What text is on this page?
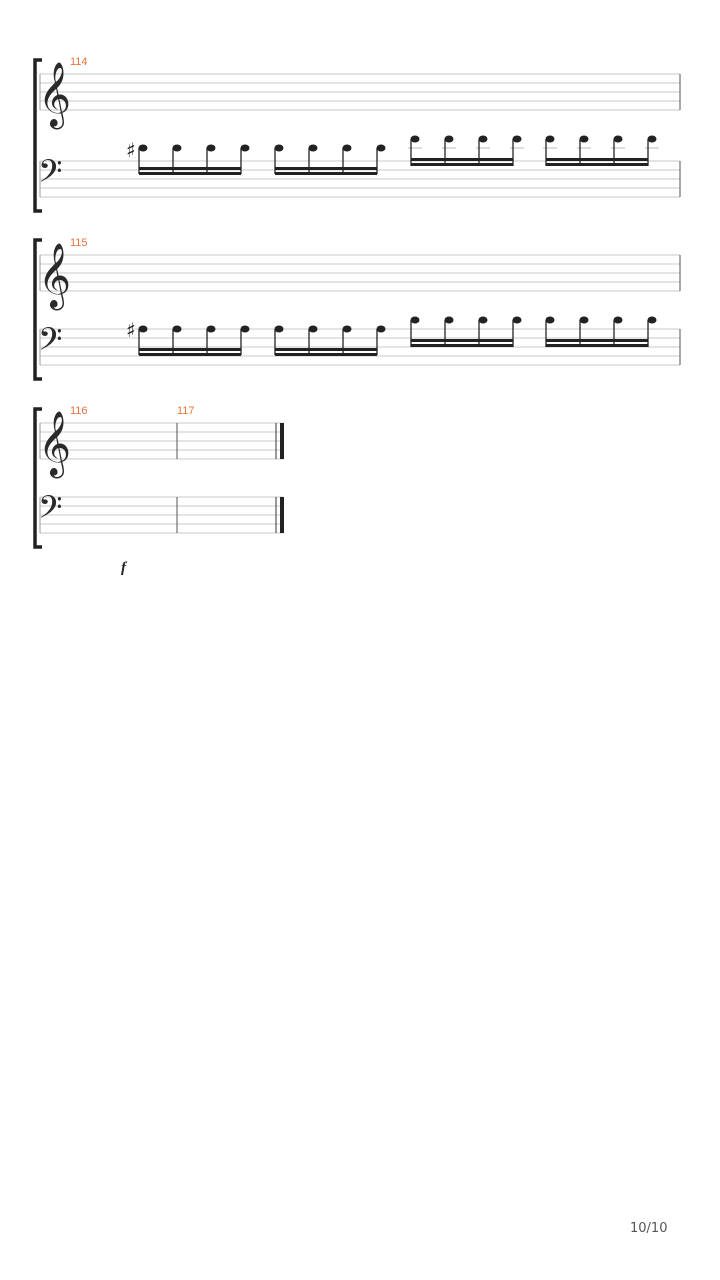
114
𝄞
𝄢
♯
115
𝄞
𝄢	♯
116	117
𝄞
𝄢
f
10/10
